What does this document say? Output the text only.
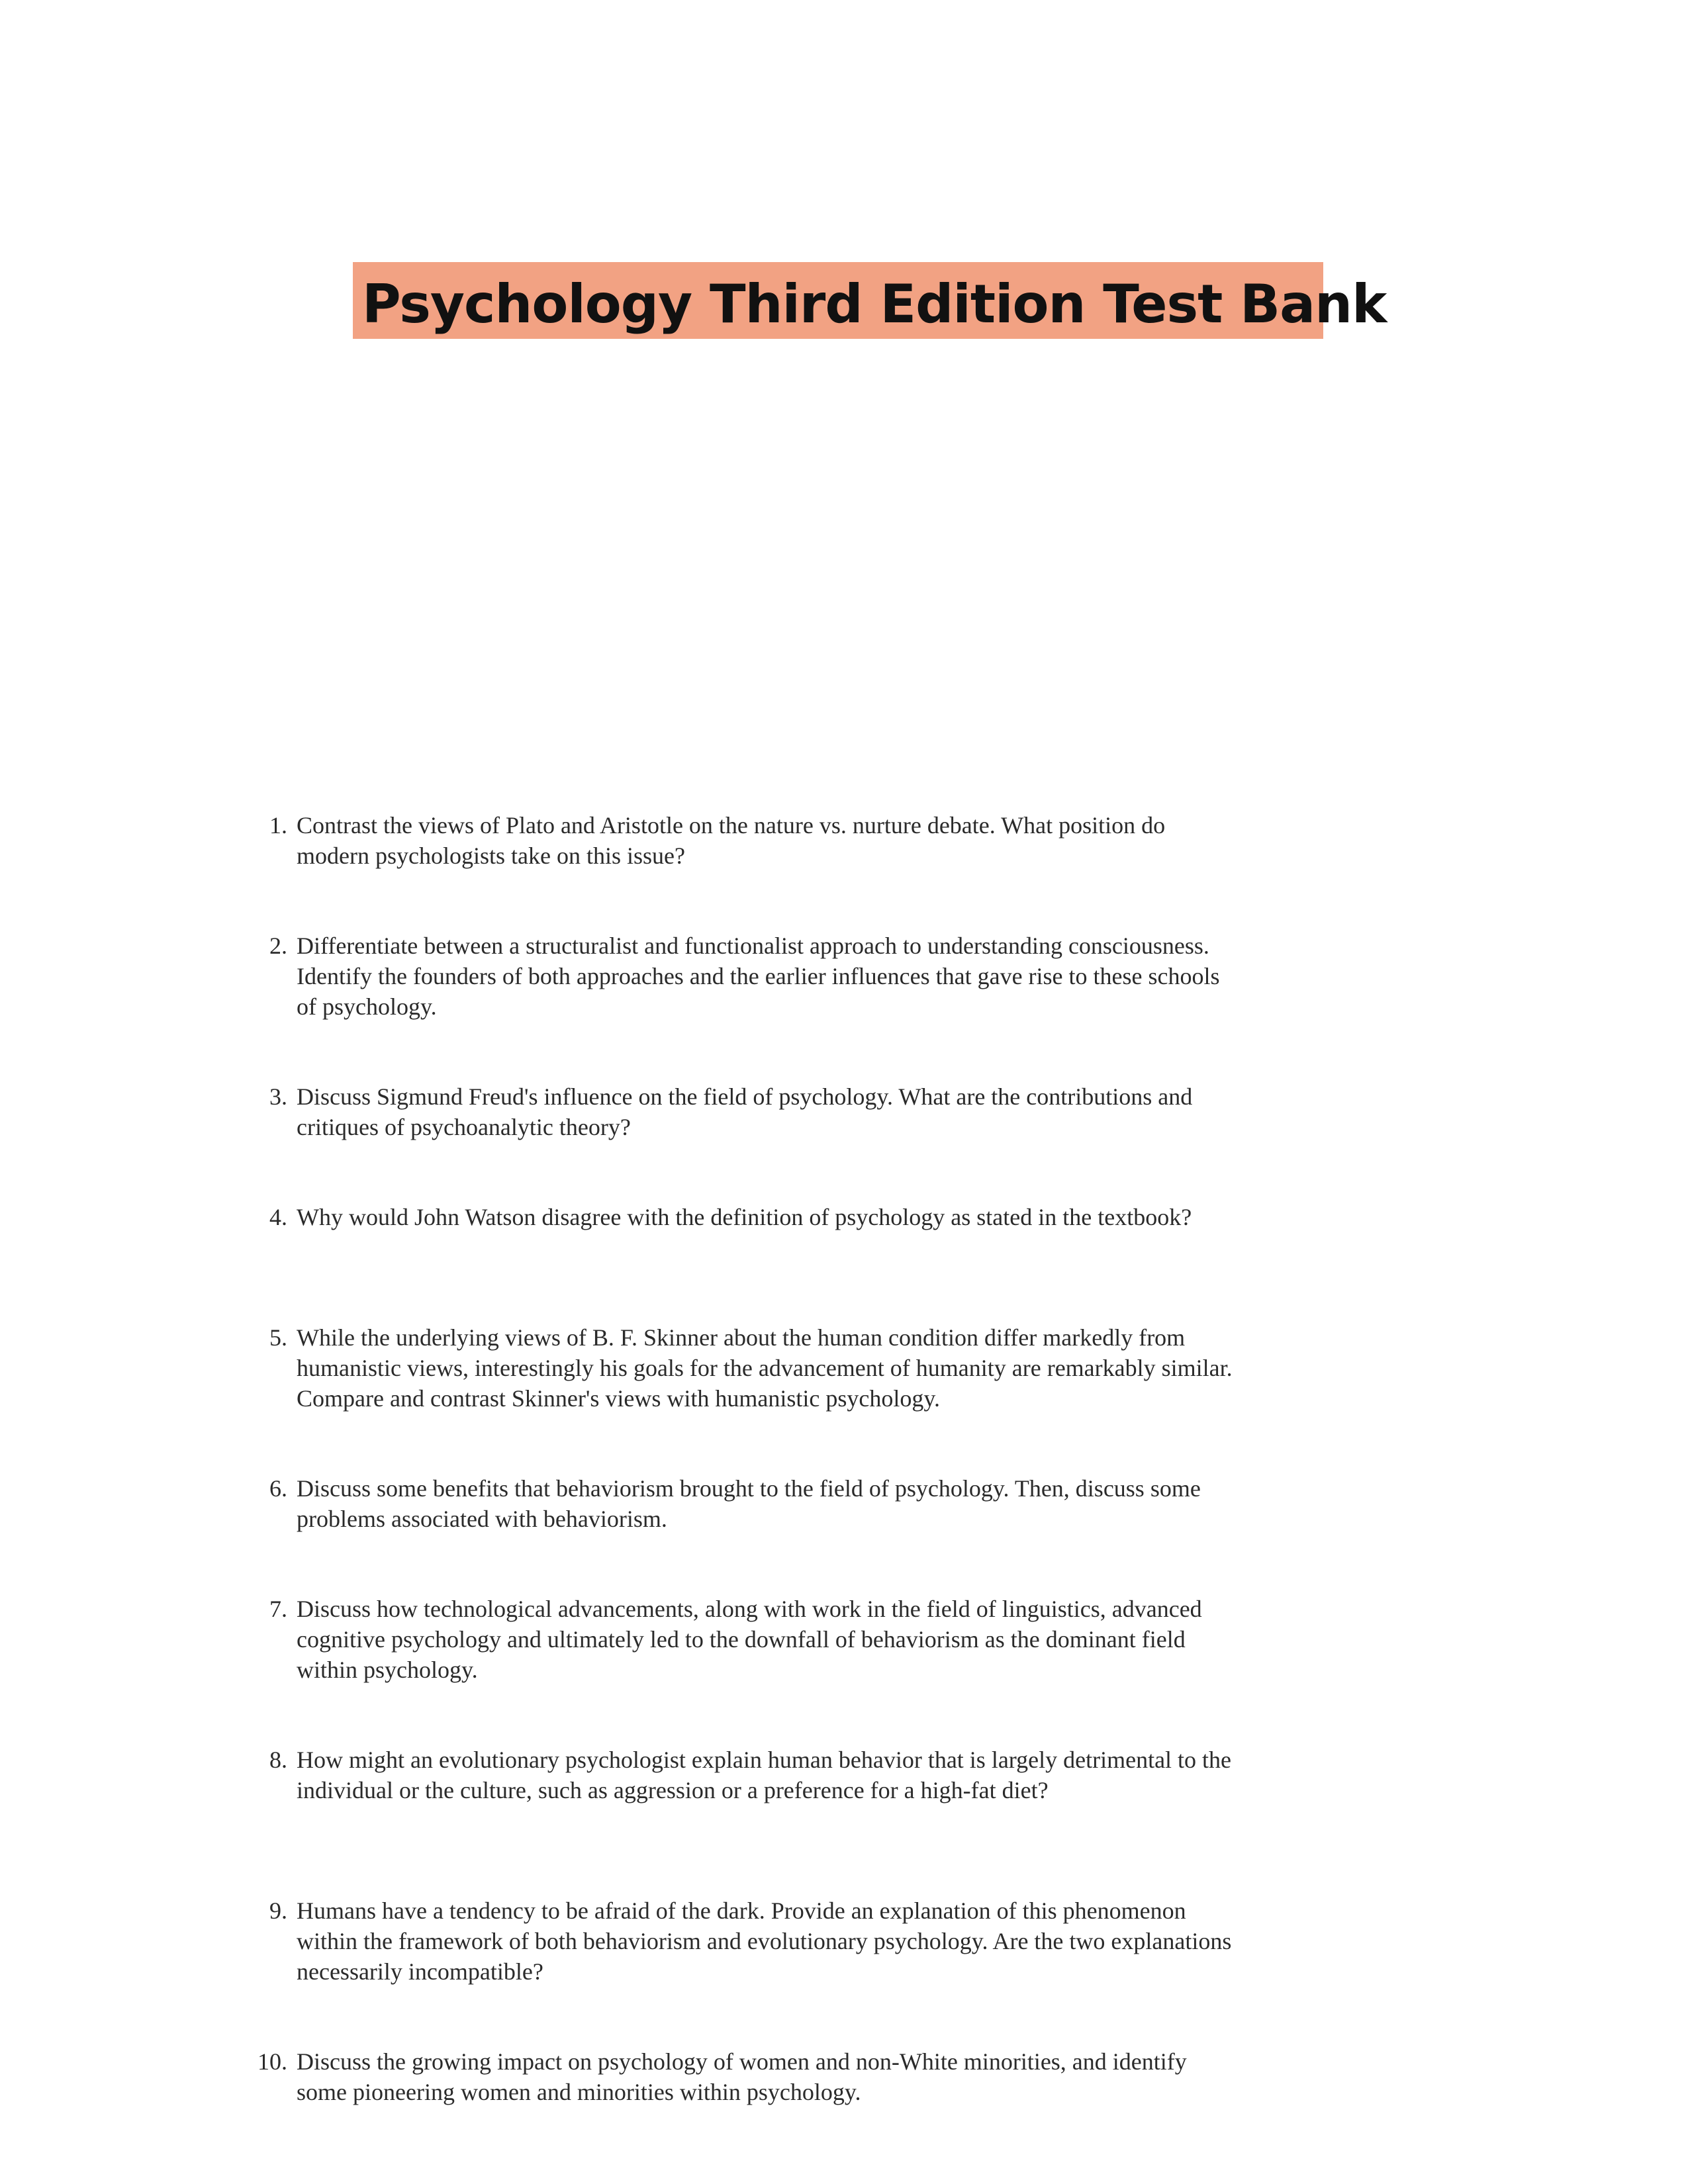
Psychology Third Edition Test Bank
1. Contrast the views of Plato and Aristotle on the nature vs. nurture debate. What position do modern psychologists take on this issue?
2. Differentiate between a structuralist and functionalist approach to understanding consciousness. Identify the founders of both approaches and the earlier influences that gave rise to these schools of psychology.
3. Discuss Sigmund Freud's influence on the field of psychology. What are the contributions and critiques of psychoanalytic theory?
4. Why would John Watson disagree with the definition of psychology as stated in the textbook?
5. While the underlying views of B. F. Skinner about the human condition differ markedly from humanistic views, interestingly his goals for the advancement of humanity are remarkably similar. Compare and contrast Skinner's views with humanistic psychology.
6. Discuss some benefits that behaviorism brought to the field of psychology. Then, discuss some problems associated with behaviorism.
7. Discuss how technological advancements, along with work in the field of linguistics, advanced cognitive psychology and ultimately led to the downfall of behaviorism as the dominant field within psychology.
8. How might an evolutionary psychologist explain human behavior that is largely detrimental to the individual or the culture, such as aggression or a preference for a high-fat diet?
9. Humans have a tendency to be afraid of the dark. Provide an explanation of this phenomenon within the framework of both behaviorism and evolutionary psychology. Are the two explanations necessarily incompatible?
10. Discuss the growing impact on psychology of women and non-White minorities, and identify some pioneering women and minorities within psychology.
